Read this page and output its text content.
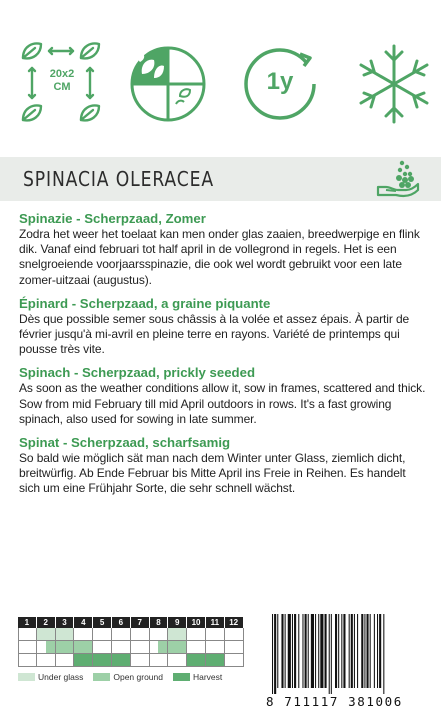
20x2
CM	1y
SPINACIA OLERACEA
Spinazie - Scherpzaad, Zomer

Zodra het weer het toelaat kan men onder glas zaaien, breedwerpige en flink dik. Vanaf eind februari tot half april in de vollegrond in regels. Het is een snelgroeiende voorjaarsspinazie, die ook wel wordt gebruikt voor een late zomer-uitzaai (augustus).

Épinard - Scherpzaad, a graine piquante

Dès que possible semer sous châssis à la volée et assez épais. À partir de février jusqu'à mi-avril en pleine terre en rayons. Variété de printemps qui pousse très vite.

Spinach - Scherpzaad, prickly seeded

As soon as the weather conditions allow it, sow in frames, scattered and thick. Sow from mid February till mid April outdoors in rows. It's a fast growing spinach, also used for sowing in late summer.

Spinat - Scherpzaad, scharfsamig

So bald wie möglich sät man nach dem Winter unter Glass, ziemlich dicht, breitwürfig. Ab Ende Februar bis Mitte April ins Freie in Reihen. Es handelt sich um eine Frühjahr Sorte, die sehr schnell wächst.

1	2	3	4	5	6	7	8	9	10	11	12
Under glass	Open ground	Harvest
8 711117 381006
